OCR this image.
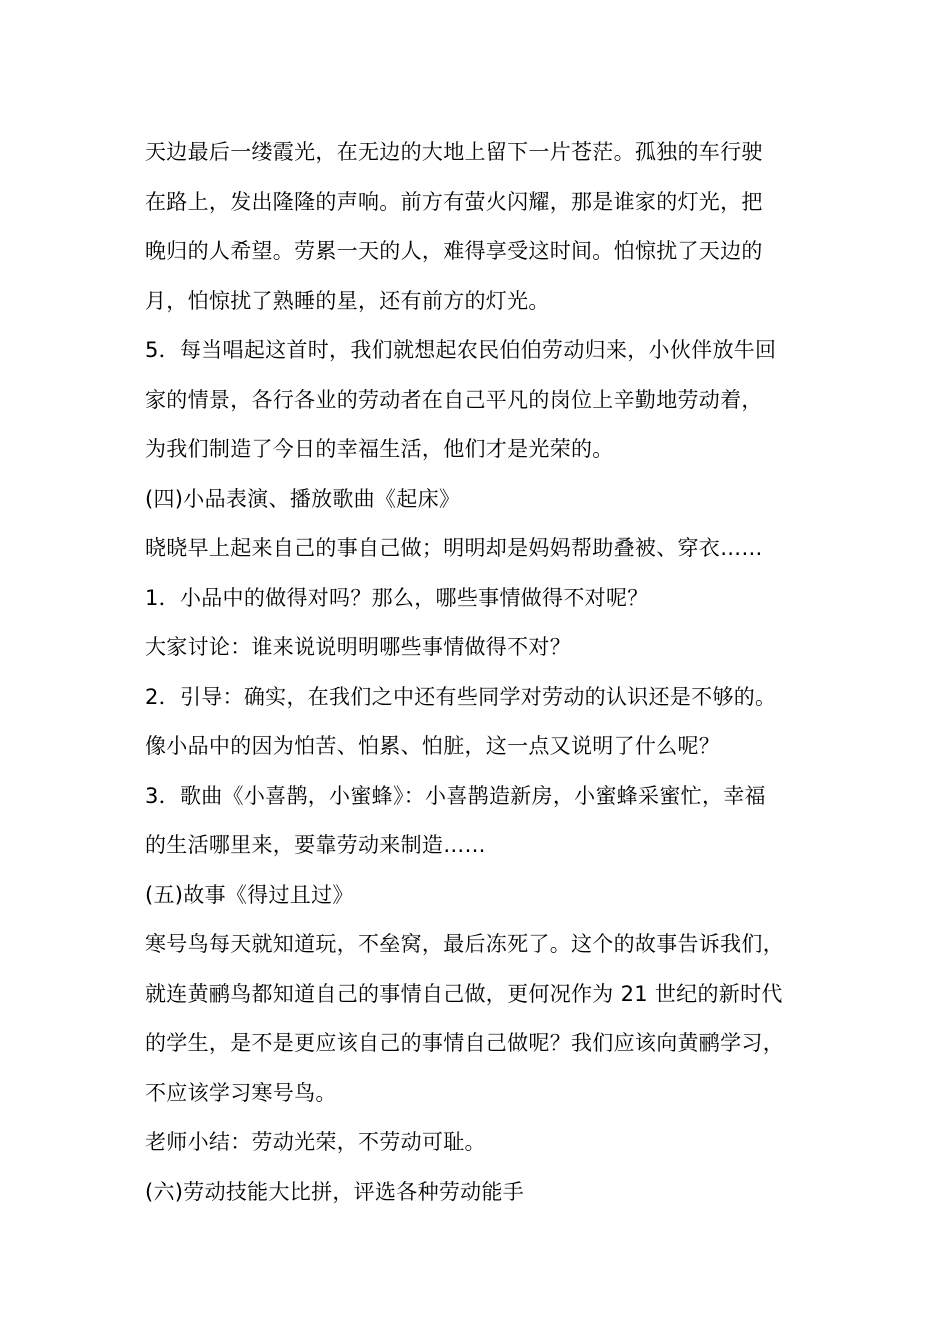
天边最后一缕霞光，在无边的大地上留下一片苍茫。孤独的车行驶
在路上，发出隆隆的声响。前方有萤火闪耀，那是谁家的灯光，把
晚归的人希望。劳累一天的人，难得享受这时间。怕惊扰了天边的
月，怕惊扰了熟睡的星，还有前方的灯光。
5．每当唱起这首时，我们就想起农民伯伯劳动归来，小伙伴放牛回
家的情景，各行各业的劳动者在自己平凡的岗位上辛勤地劳动着，
为我们制造了今日的幸福生活，他们才是光荣的。
(四)小品表演、播放歌曲《起床》
晓晓早上起来自己的事自己做；明明却是妈妈帮助叠被、穿衣……
1．小品中的做得对吗？那么，哪些事情做得不对呢？
大家讨论：谁来说说明明哪些事情做得不对？
2．引导：确实，在我们之中还有些同学对劳动的认识还是不够的。
像小品中的因为怕苦、怕累、怕脏，这一点又说明了什么呢？
3．歌曲《小喜鹊，小蜜蜂》：小喜鹊造新房，小蜜蜂采蜜忙，幸福
的生活哪里来，要靠劳动来制造……
(五)故事《得过且过》
寒号鸟每天就知道玩，不垒窝，最后冻死了。这个的故事告诉我们，
就连黄鹂鸟都知道自己的事情自己做，更何况作为 21 世纪的新时代
的学生，是不是更应该自己的事情自己做呢？我们应该向黄鹂学习，
不应该学习寒号鸟。
老师小结：劳动光荣，不劳动可耻。
(六)劳动技能大比拼，评选各种劳动能手
